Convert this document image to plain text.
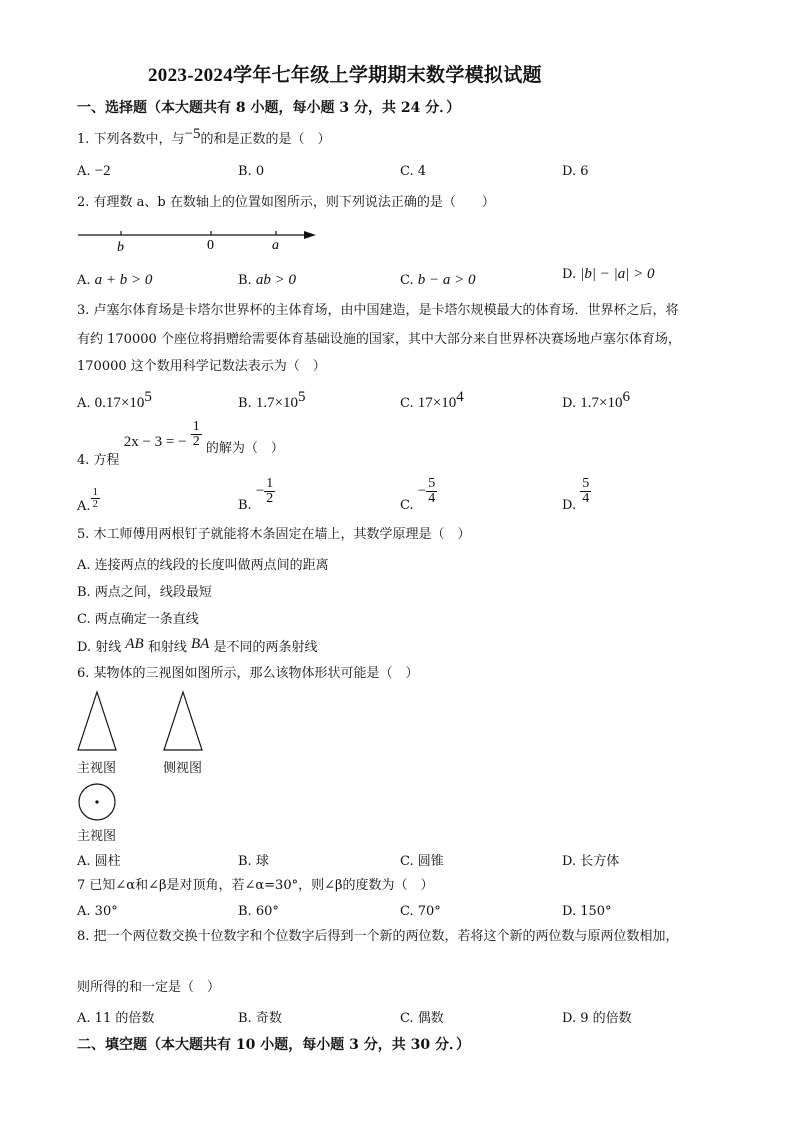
2023-2024学年七年级上学期期末数学模拟试题
一、选择题（本大题共有 8 小题，每小题 3 分，共 24 分．）
1. 下列各数中，与−5的和是正数的是（　）
A. −2	B. 0	C. 4	D. 6
2. 有理数 a、b 在数轴上的位置如图所示，则下列说法正确的是（　　）
b	0	a
A. a + b > 0	B. ab > 0	C. b − a > 0	D. |b| − |a| > 0
3. 卢塞尔体育场是卡塔尔世界杯的主体育场，由中国建造，是卡塔尔规模最大的体育场．世界杯之后，将
有约 170000 个座位将捐赠给需要体育基础设施的国家，其中大部分来自世界杯决赛场地卢塞尔体育场，
170000 这个数用科学记数法表示为（　）
A. $0.17\times 10^5$	B. $1.7\times 10^5$	C. $17\times 10^4$	D. $1.7\times 10^6$
4. 方程 2x − 3 = − $\frac{1}{2}$ 的解为（　）
A. $\frac{1}{2}$	B. − $\frac{1}{2}$	C. − $\frac{5}{4}$	D. $\frac{5}{4}$
5. 木工师傅用两根钉子就能将木条固定在墙上，其数学原理是（　）
A. 连接两点的线段的长度叫做两点间的距离
B. 两点之间，线段最短
C. 两点确定一条直线
D. 射线 AB 和射线 BA 是不同的两条射线
6. 某物体的三视图如图所示，那么该物体形状可能是（　）
主视图	侧视图
主视图
A. 圆柱	B. 球	C. 圆锥	D. 长方体
7 已知∠α和∠β是对顶角，若∠α=30°，则∠β的度数为（　）
A. 30°	B. 60°	C. 70°	D. 150°
8. 把一个两位数交换十位数字和个位数字后得到一个新的两位数，若将这个新的两位数与原两位数相加，
则所得的和一定是（　）
A. 11 的倍数	B. 奇数	C. 偶数	D. 9 的倍数
二、填空题（本大题共有 10 小题，每小题 3 分，共 30 分．）
